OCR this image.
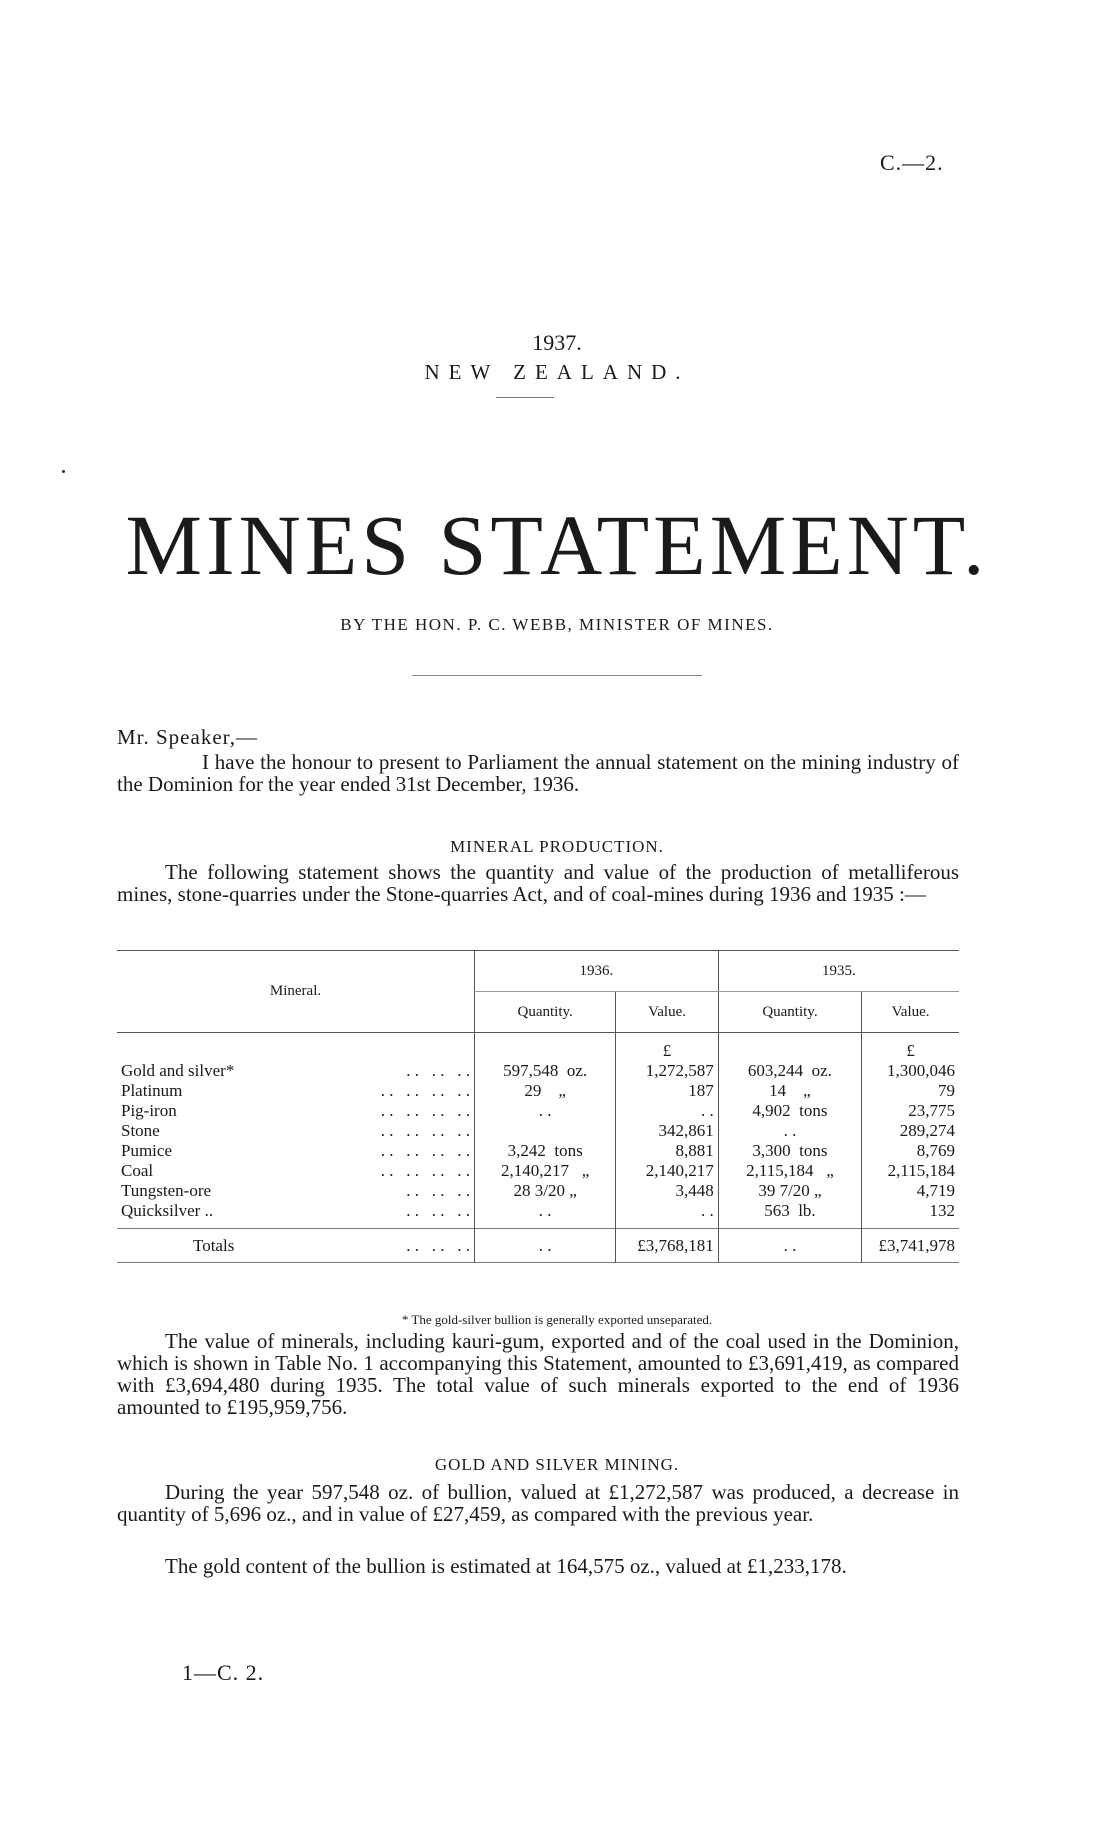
C.—2.
1937.
NEW ZEALAND.
MINES STATEMENT.
BY THE HON. P. C. WEBB, MINISTER OF MINES.
Mr. Speaker,—
I have the honour to present to Parliament the annual statement on the mining industry of the Dominion for the year ended 31st December, 1936.
MINERAL PRODUCTION.
The following statement shows the quantity and value of the production of metalliferous mines, stone-quarries under the Stone-quarries Act, and of coal-mines during 1936 and 1935 :—
Mineral.	1936.		1935.	
	Quantity.	Value.	Quantity.	Value.
		£		£
Gold and silver* . .   . .   . .	597,548  oz.	1,272,587	603,244  oz.	1,300,046
Platinum . .   . .   . .   . .	29    „	187	14    „	79
Pig-iron . .   . .   . .   . .	. .	. .	4,902  tons	23,775
Stone . .   . .   . .   . .		342,861	. .	289,274
Pumice . .   . .   . .   . .	3,242  tons	8,881	3,300  tons	8,769
Coal . .   . .   . .   . .	2,140,217   „	2,140,217	2,115,184   „	2,115,184
Tungsten-ore . .   . .   . .	28 3/20 „	3,448	39 7/20 „	4,719
Quicksilver .. . .   . .   . .	. .	. .	563  lb.	132

Totals . .   . .   . .	. .	£3,768,181	. .	£3,741,978
* The gold-silver bullion is generally exported unseparated.
The value of minerals, including kauri-gum, exported and of the coal used in the Dominion, which is shown in Table No. 1 accompanying this Statement, amounted to £3,691,419, as compared with £3,694,480 during 1935. The total value of such minerals exported to the end of 1936 amounted to £195,959,756.
GOLD AND SILVER MINING.
During the year 597,548 oz. of bullion, valued at £1,272,587 was produced, a decrease in quantity of 5,696 oz., and in value of £27,459, as compared with the previous year.
The gold content of the bullion is estimated at 164,575 oz., valued at £1,233,178.
1—C. 2.
